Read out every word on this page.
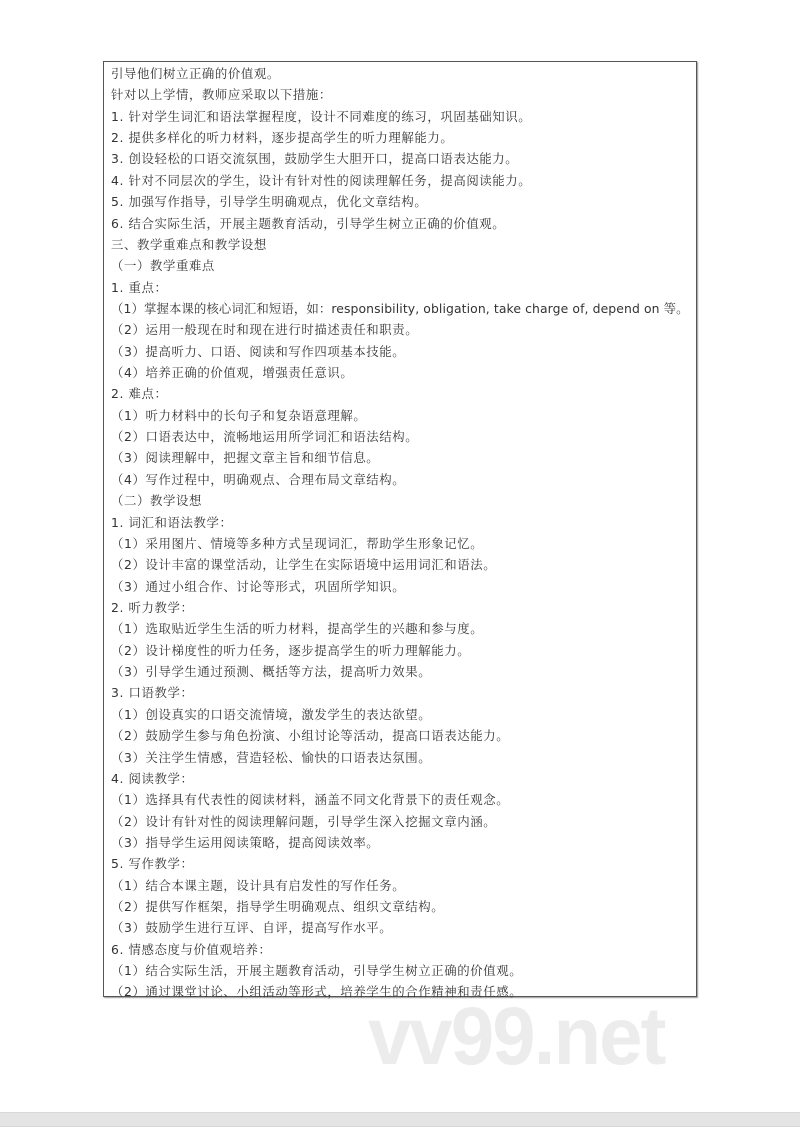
引导他们树立正确的价值观。
针对以上学情，教师应采取以下措施：
1. 针对学生词汇和语法掌握程度，设计不同难度的练习，巩固基础知识。
2. 提供多样化的听力材料，逐步提高学生的听力理解能力。
3. 创设轻松的口语交流氛围，鼓励学生大胆开口，提高口语表达能力。
4. 针对不同层次的学生，设计有针对性的阅读理解任务，提高阅读能力。
5. 加强写作指导，引导学生明确观点，优化文章结构。
6. 结合实际生活，开展主题教育活动，引导学生树立正确的价值观。
三、教学重难点和教学设想
（一）教学重难点
1. 重点：
（1）掌握本课的核心词汇和短语，如：responsibility, obligation, take charge of, depend on 等。
（2）运用一般现在时和现在进行时描述责任和职责。
（3）提高听力、口语、阅读和写作四项基本技能。
（4）培养正确的价值观，增强责任意识。
2. 难点：
（1）听力材料中的长句子和复杂语意理解。
（2）口语表达中，流畅地运用所学词汇和语法结构。
（3）阅读理解中，把握文章主旨和细节信息。
（4）写作过程中，明确观点、合理布局文章结构。
（二）教学设想
1. 词汇和语法教学：
（1）采用图片、情境等多种方式呈现词汇，帮助学生形象记忆。
（2）设计丰富的课堂活动，让学生在实际语境中运用词汇和语法。
（3）通过小组合作、讨论等形式，巩固所学知识。
2. 听力教学：
（1）选取贴近学生生活的听力材料，提高学生的兴趣和参与度。
（2）设计梯度性的听力任务，逐步提高学生的听力理解能力。
（3）引导学生通过预测、概括等方法，提高听力效果。
3. 口语教学：
（1）创设真实的口语交流情境，激发学生的表达欲望。
（2）鼓励学生参与角色扮演、小组讨论等活动，提高口语表达能力。
（3）关注学生情感，营造轻松、愉快的口语表达氛围。
4. 阅读教学：
（1）选择具有代表性的阅读材料，涵盖不同文化背景下的责任观念。
（2）设计有针对性的阅读理解问题，引导学生深入挖掘文章内涵。
（3）指导学生运用阅读策略，提高阅读效率。
5. 写作教学：
（1）结合本课主题，设计具有启发性的写作任务。
（2）提供写作框架，指导学生明确观点、组织文章结构。
（3）鼓励学生进行互评、自评，提高写作水平。
6. 情感态度与价值观培养：
（1）结合实际生活，开展主题教育活动，引导学生树立正确的价值观。
（2）通过课堂讨论、小组活动等形式，培养学生的合作精神和责任感。
vv99.net
